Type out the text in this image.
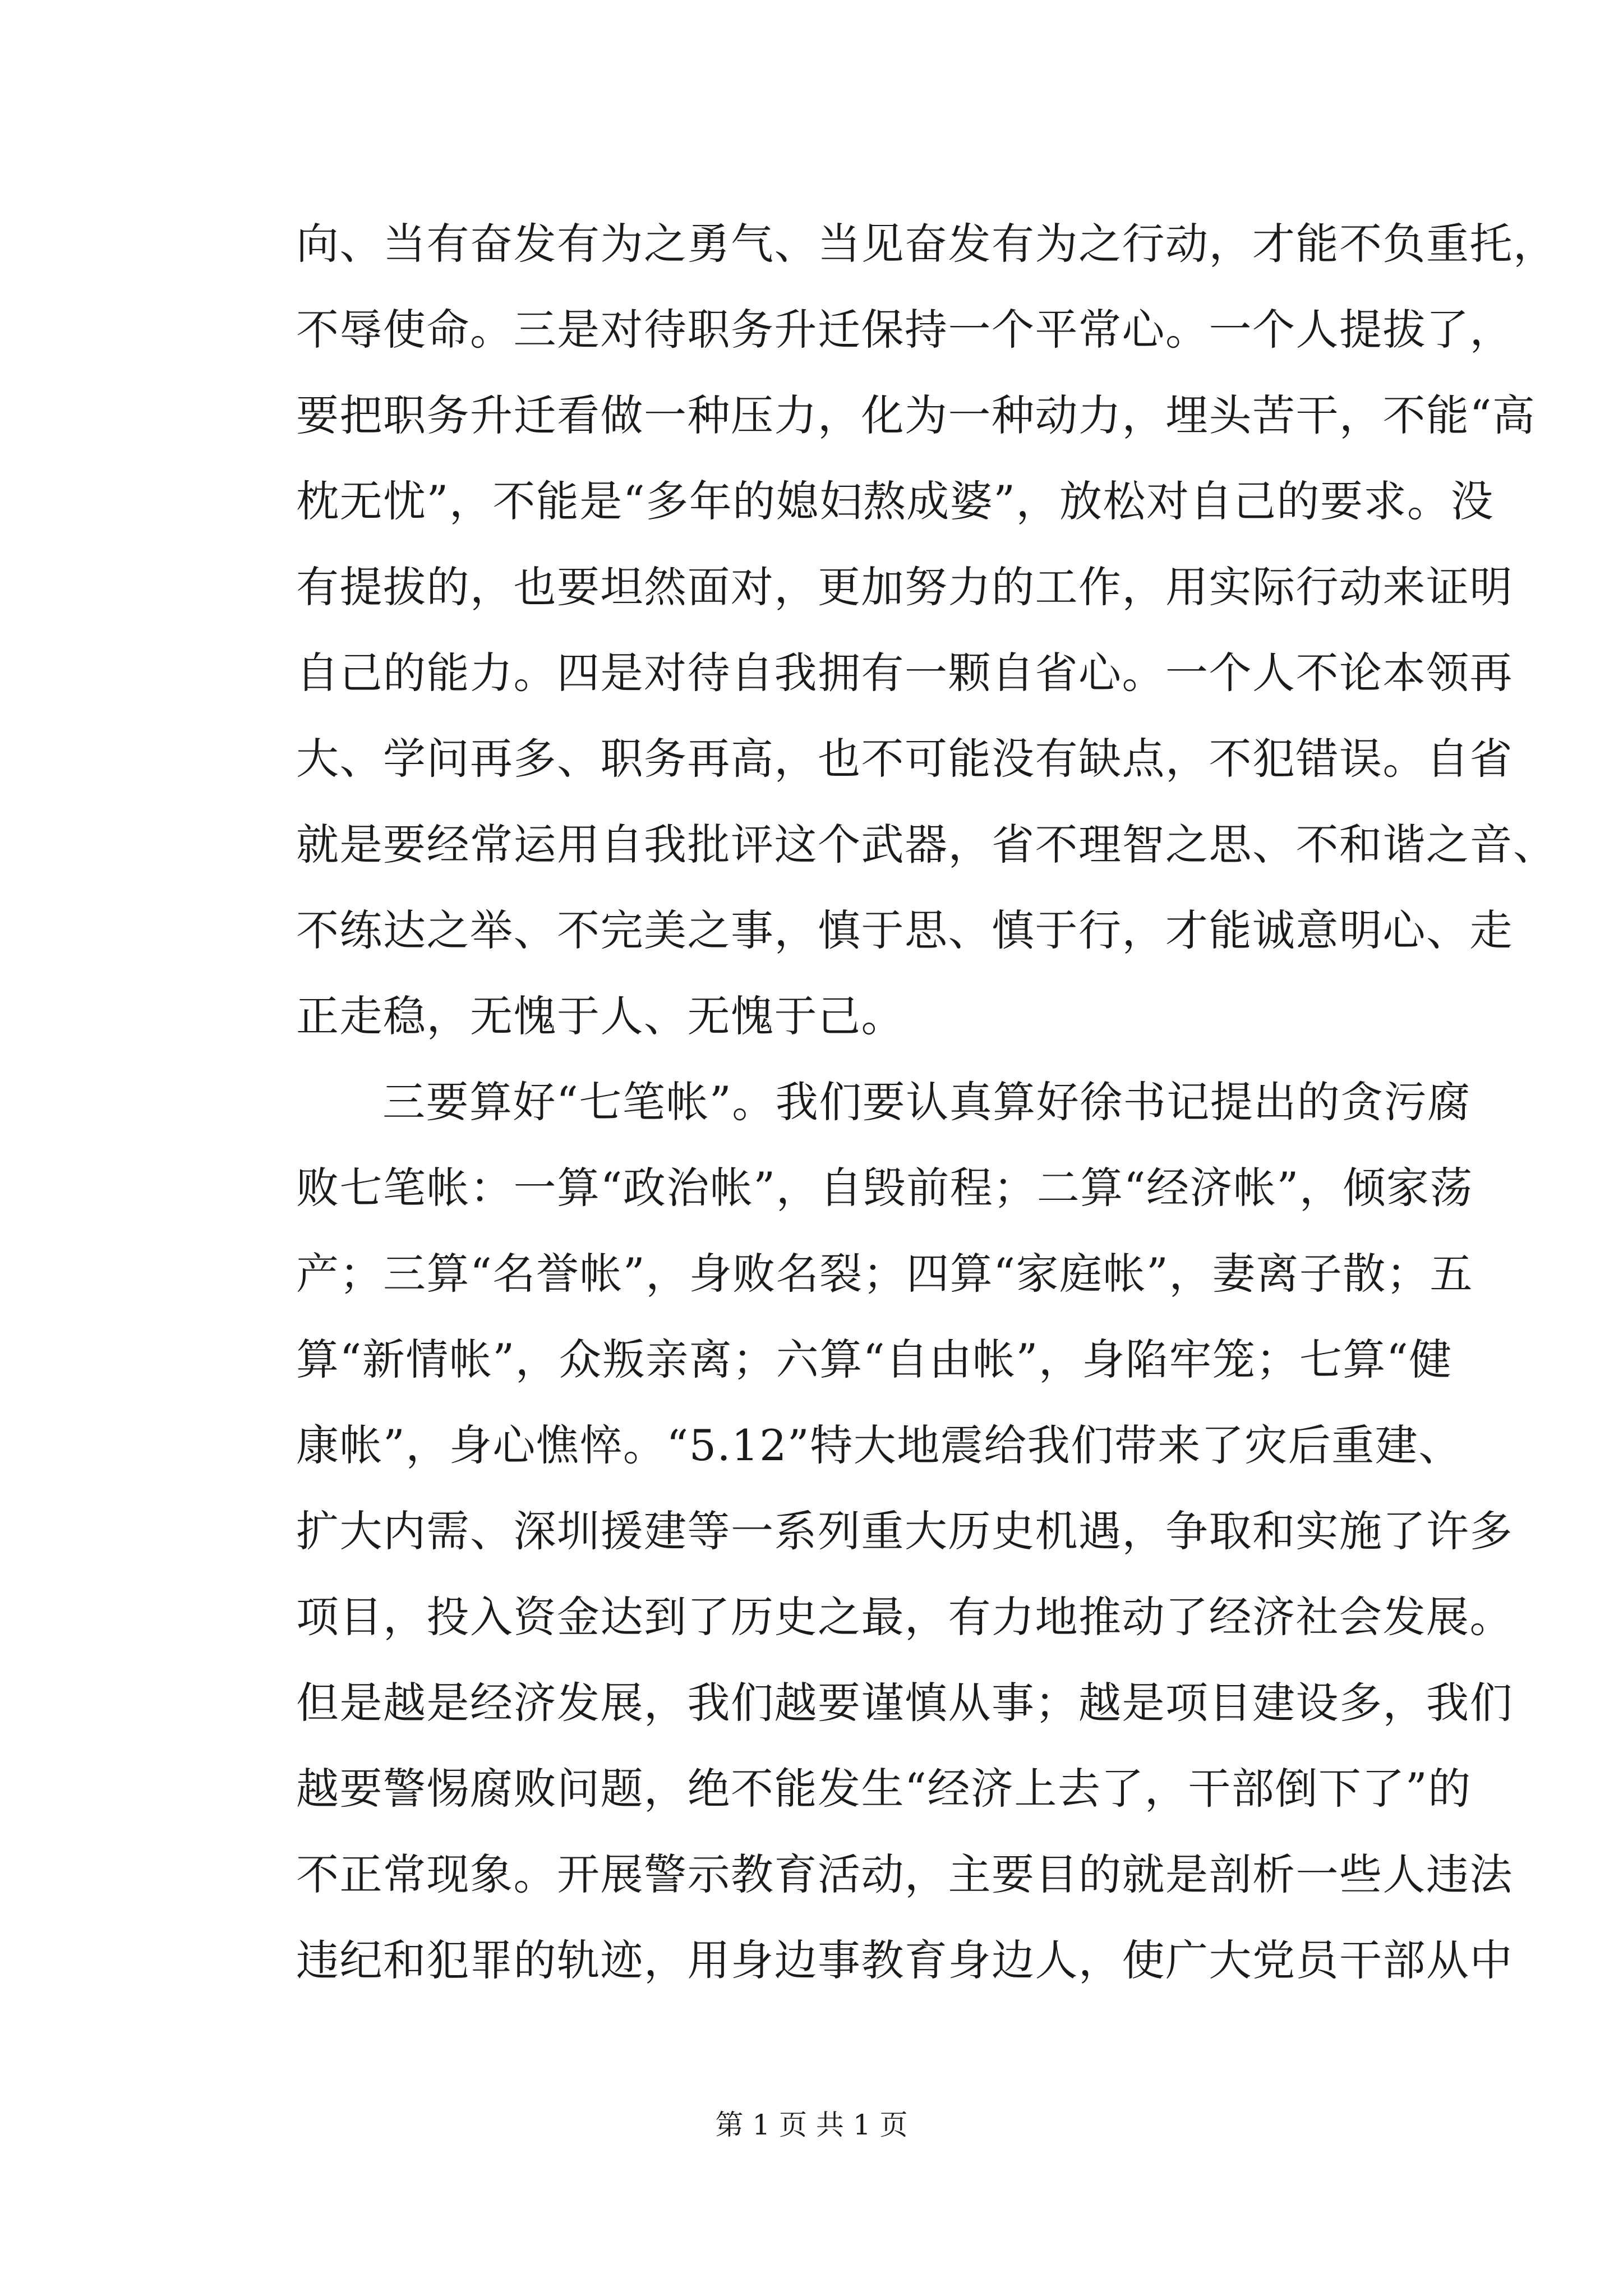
向、当有奋发有为之勇气、当见奋发有为之行动，才能不负重托，
不辱使命。三是对待职务升迁保持一个平常心。一个人提拔了，
要把职务升迁看做一种压力，化为一种动力，埋头苦干，不能“高
枕无忧”，不能是“多年的媳妇熬成婆”，放松对自己的要求。没
有提拔的，也要坦然面对，更加努力的工作，用实际行动来证明
自己的能力。四是对待自我拥有一颗自省心。一个人不论本领再
大、学问再多、职务再高，也不可能没有缺点，不犯错误。自省
就是要经常运用自我批评这个武器，省不理智之思、不和谐之音、
不练达之举、不完美之事，慎于思、慎于行，才能诚意明心、走
正走稳，无愧于人、无愧于己。
三要算好“七笔帐”。我们要认真算好徐书记提出的贪污腐
败七笔帐：一算“政治帐”，自毁前程；二算“经济帐”，倾家荡
产；三算“名誉帐”，身败名裂；四算“家庭帐”，妻离子散；五
算“新情帐”，众叛亲离；六算“自由帐”，身陷牢笼；七算“健
康帐”，身心憔悴。“5.12”特大地震给我们带来了灾后重建、
扩大内需、深圳援建等一系列重大历史机遇，争取和实施了许多
项目，投入资金达到了历史之最，有力地推动了经济社会发展。
但是越是经济发展，我们越要谨慎从事；越是项目建设多，我们
越要警惕腐败问题，绝不能发生“经济上去了，干部倒下了”的
不正常现象。开展警示教育活动，主要目的就是剖析一些人违法
违纪和犯罪的轨迹，用身边事教育身边人，使广大党员干部从中
第 1 页 共 1 页
